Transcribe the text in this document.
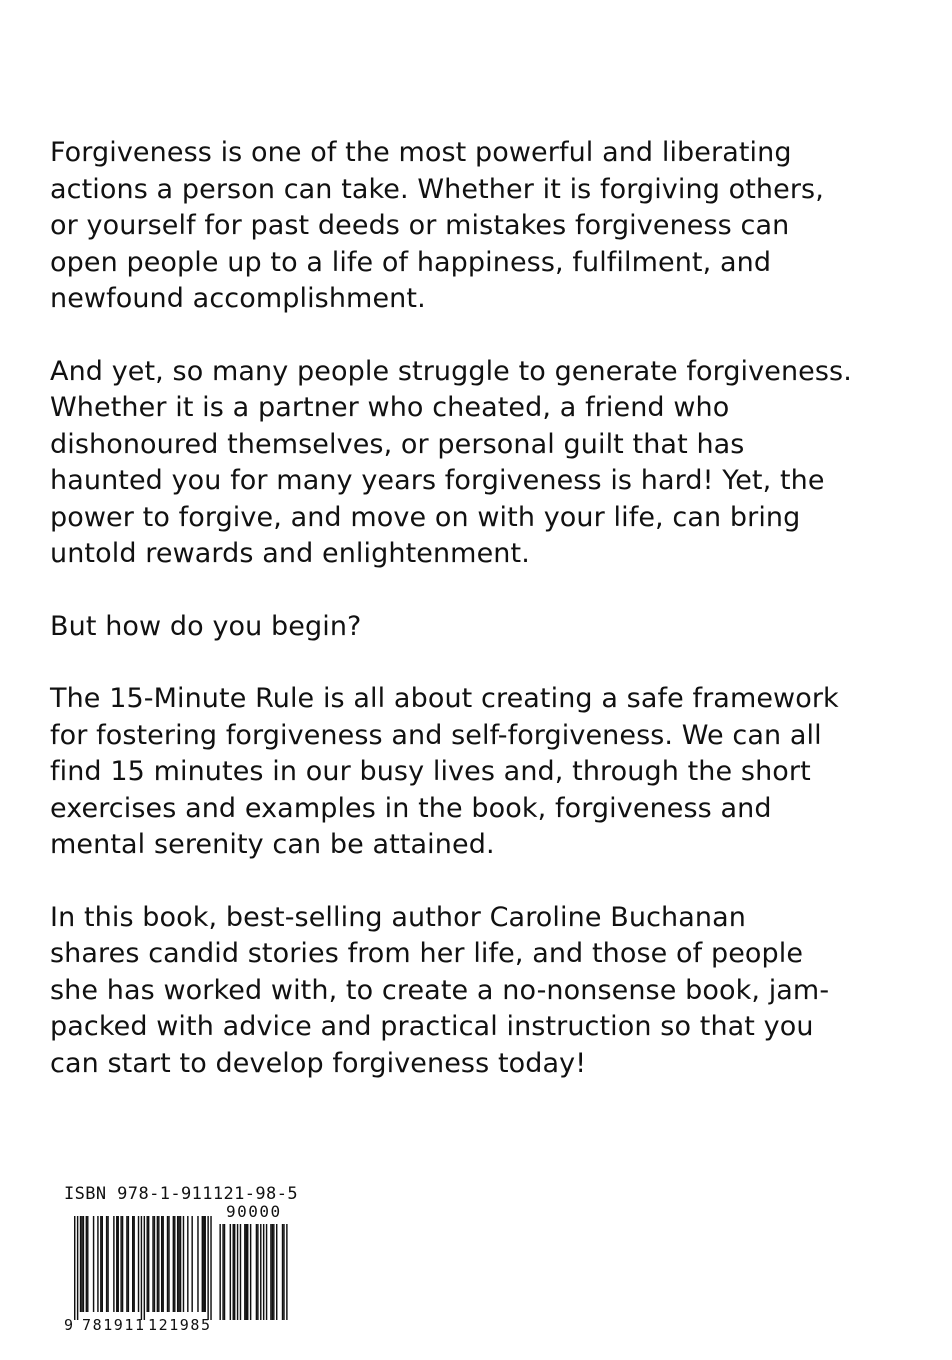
Forgiveness is one of the most powerful and liberating
actions a person can take. Whether it is forgiving others,
or yourself for past deeds or mistakes forgiveness can
open people up to a life of happiness, fulfilment, and
newfound accomplishment.

And yet, so many people struggle to generate forgiveness.
Whether it is a partner who cheated, a friend who
dishonoured themselves, or personal guilt that has
haunted you for many years forgiveness is hard! Yet, the
power to forgive, and move on with your life, can bring
untold rewards and enlightenment.

But how do you begin?

The 15-Minute Rule is all about creating a safe framework
for fostering forgiveness and self-forgiveness. We can all
find 15 minutes in our busy lives and, through the short
exercises and examples in the book, forgiveness and
mental serenity can be attained.

In this book, best-selling author Caroline Buchanan
shares candid stories from her life, and those of people
she has worked with, to create a no-nonsense book, jam-
packed with advice and practical instruction so that you
can start to develop forgiveness today!

ISBN 978-1-911121-98-5
90000
9 781911 121985
